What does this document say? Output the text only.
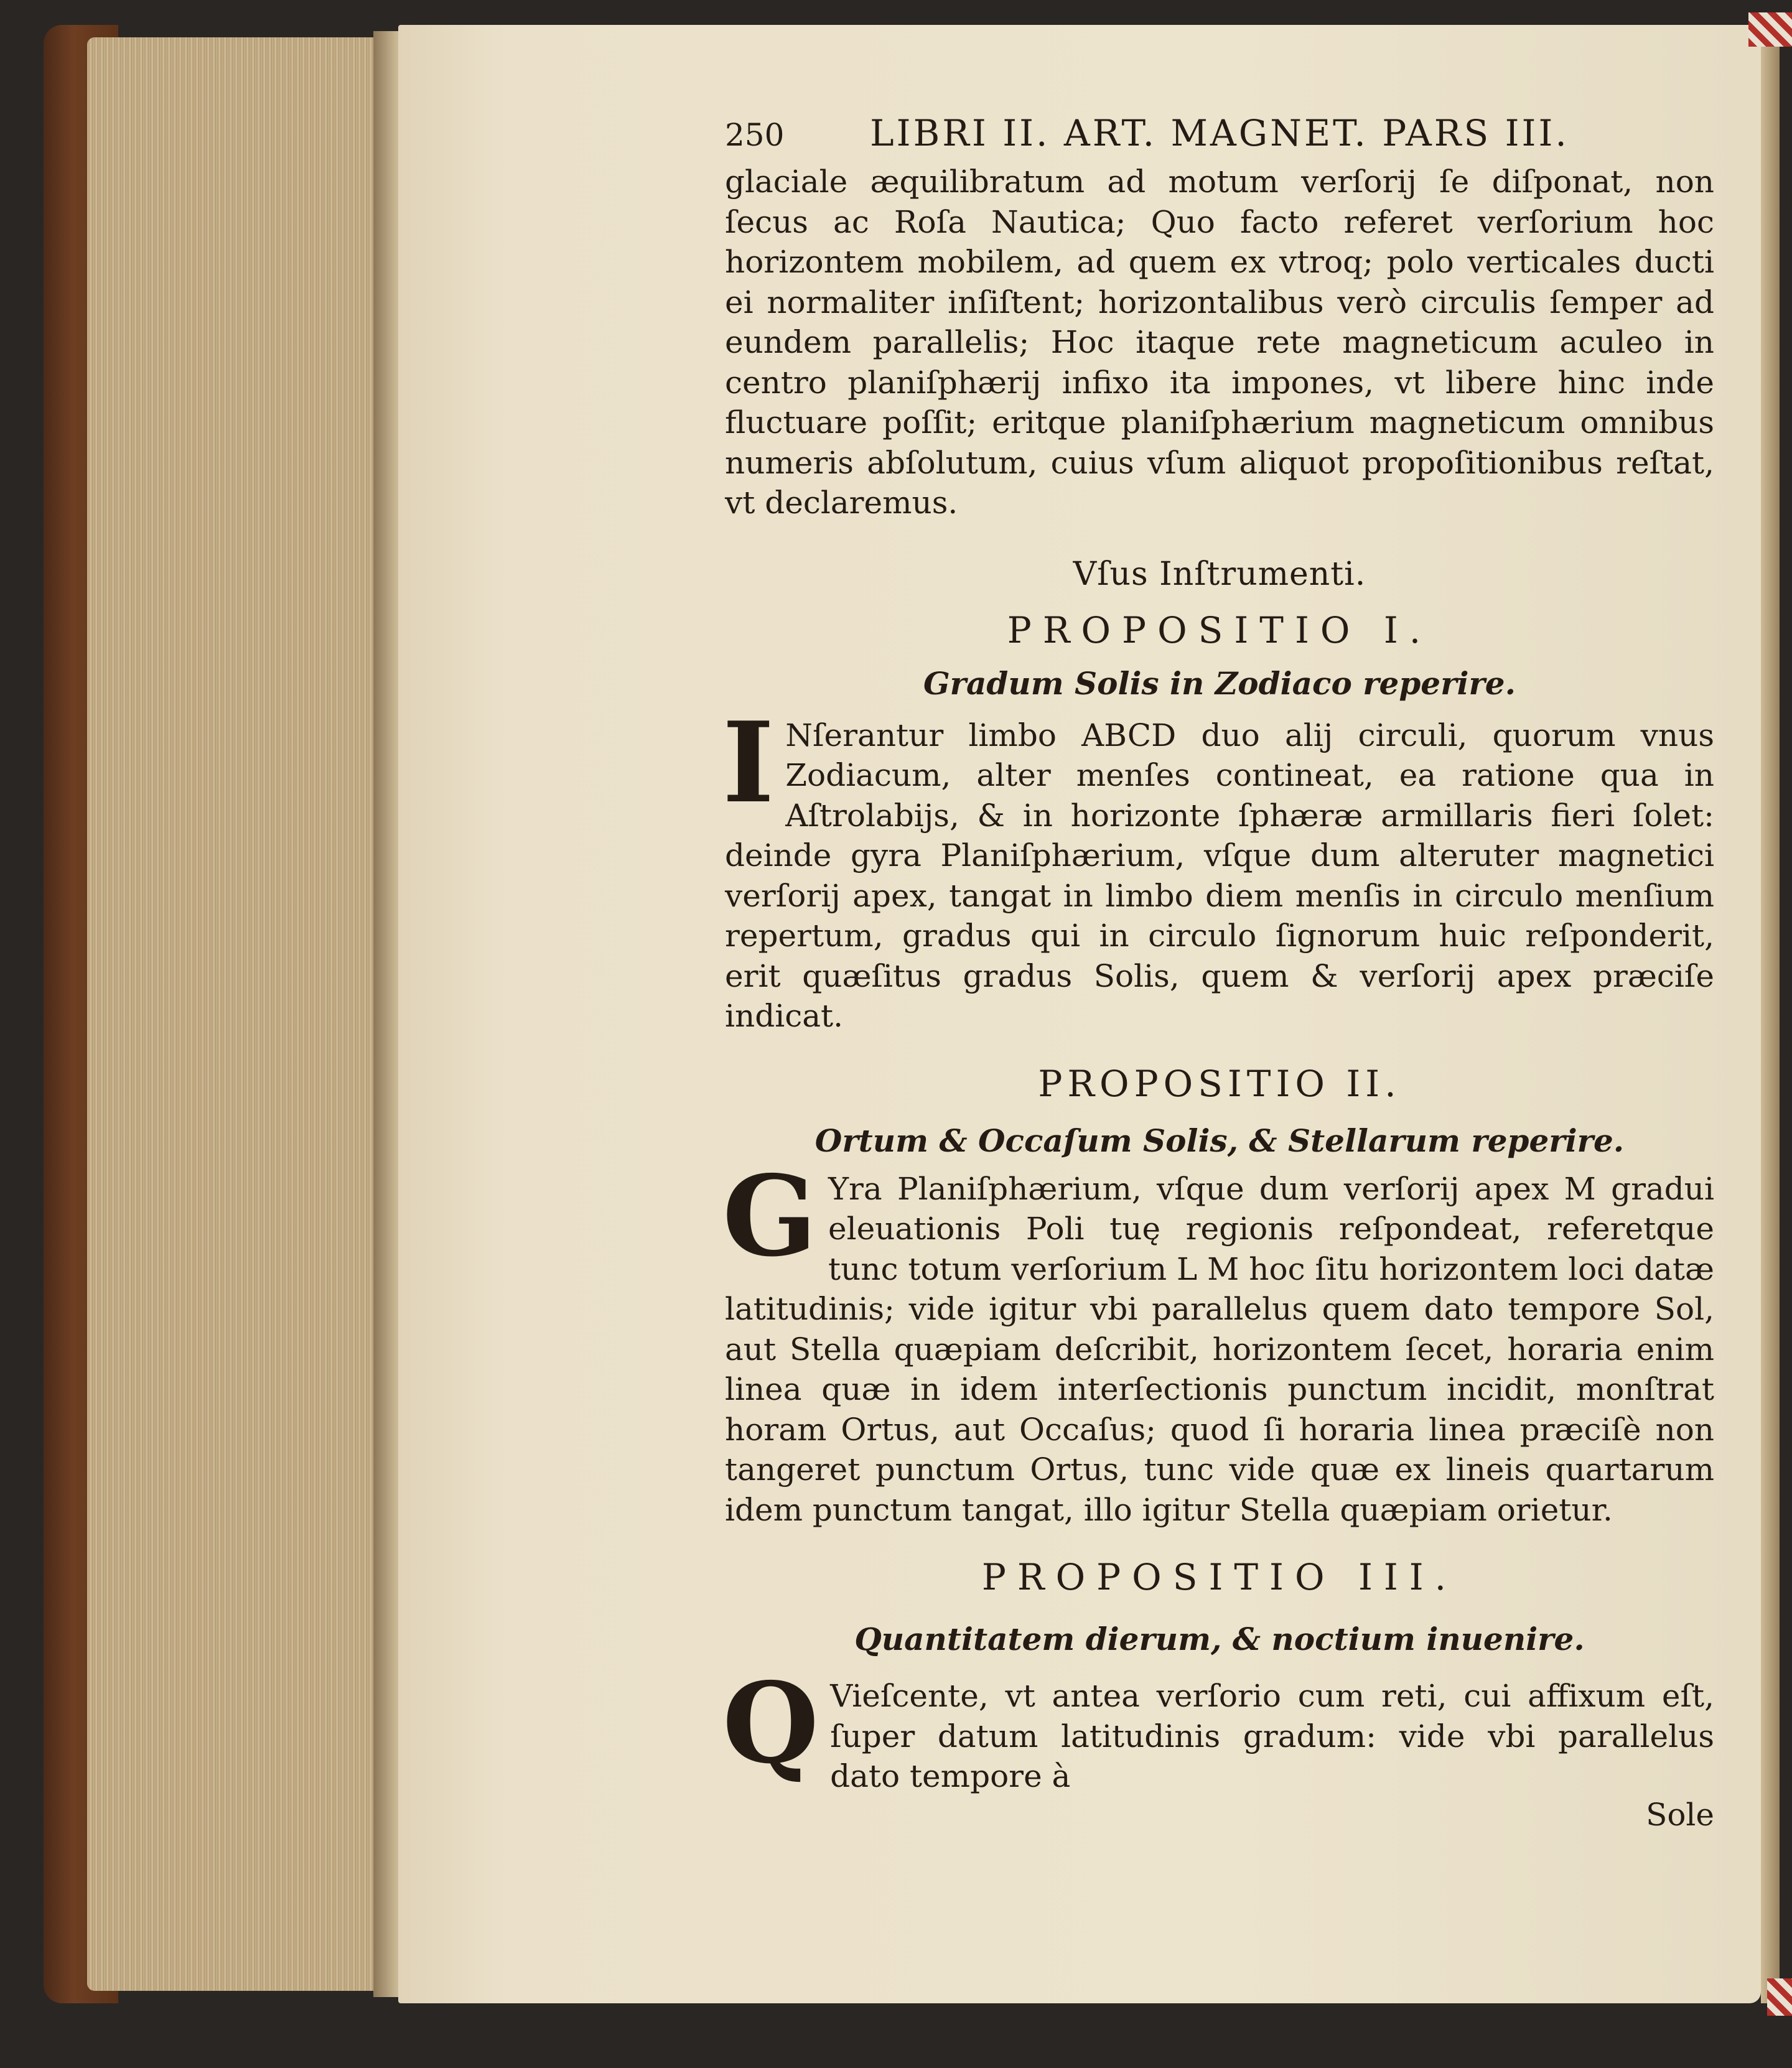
250	LIBRI II. ART. MAGNET. PARS III.

glaciale æquilibratum ad motum verſorij ſe diſponat, non ſecus ac Roſa Nautica; Quo facto referet verſorium hoc horizontem mobilem, ad quem ex vtroq; polo verticales ducti ei normaliter inſiſtent; horizontalibus verò circulis ſemper ad eundem parallelis; Hoc itaque rete magneticum aculeo in centro planiſphærij infixo ita impones, vt libere hinc inde fluctuare poſſit; eritque planiſphærium magneticum omnibus numeris abſolutum, cuius vſum aliquot propoſitionibus reſtat, vt declaremus.

Vſus Inſtrumenti.
PROPOSITIO I.
Gradum Solis in Zodiaco reperire.

I Nſerantur limbo ABCD duo alij circuli, quorum vnus Zodiacum, alter menſes contineat, ea ratione qua in Aſtrolabijs, & in horizonte ſphæræ armillaris fieri ſolet: deinde gyra Planiſphærium, vſque dum alteruter magnetici verſorij apex, tangat in limbo diem menſis in circulo menſium repertum, gradus qui in circulo ſignorum huic reſponderit, erit quæſitus gradus Solis, quem & verſorij apex præciſe indicat.

PROPOSITIO II.
Ortum & Occaſum Solis, & Stellarum reperire.

G Yra Planiſphærium, vſque dum verſorij apex M gradui eleuationis Poli tuę regionis reſpondeat, referetque tunc totum verſorium L M hoc ſitu horizontem loci datæ latitudinis; vide igitur vbi parallelus quem dato tempore Sol, aut Stella quæpiam deſcribit, horizontem ſecet, horaria enim linea quæ in idem interſectionis punctum incidit, monſtrat horam Ortus, aut Occaſus; quod ſi horaria linea præciſè non tangeret punctum Ortus, tunc vide quæ ex lineis quartarum idem punctum tangat, illo igitur Stella quæpiam orietur.

PROPOSITIO III.
Quantitatem dierum, & noctium inuenire.

Q Vieſcente, vt antea verſorio cum reti, cui affixum eſt, ſuper datum latitudinis gradum: vide vbi parallelus dato tempore à

Sole
